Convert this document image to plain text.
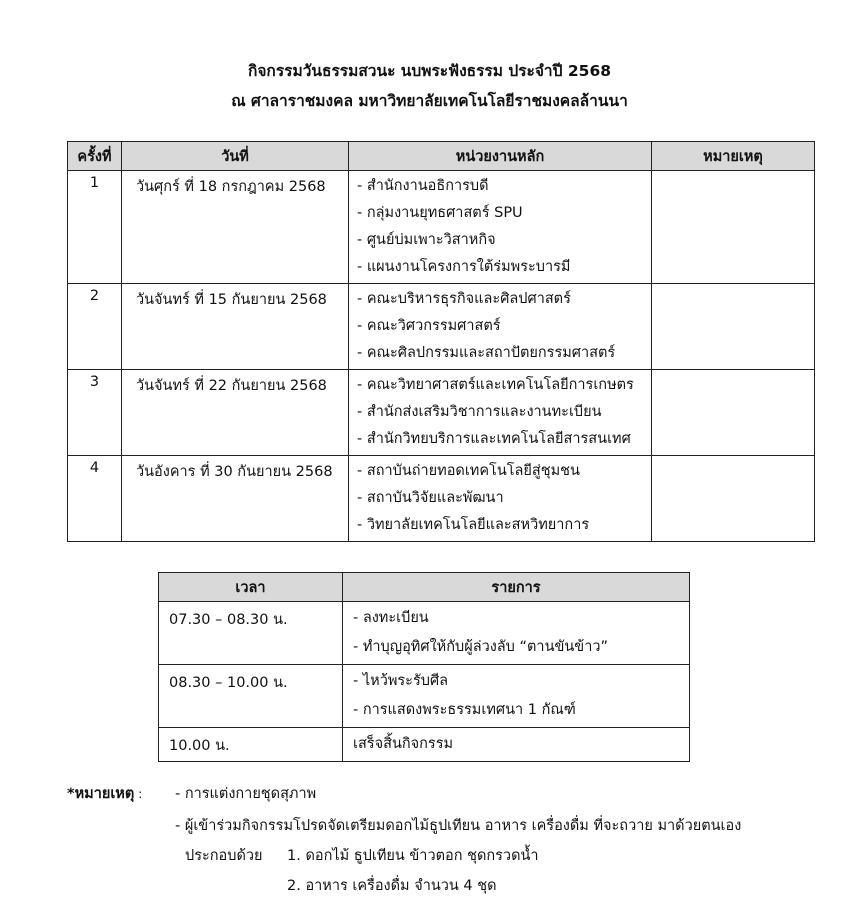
กิจกรรมวันธรรมสวนะ นบพระฟังธรรม ประจำปี 2568
ณ ศาลาราชมงคล มหาวิทยาลัยเทคโนโลยีราชมงคลล้านนา
ครั้งที่	วันที่	หน่วยงานหลัก	หมายเหตุ
1	วันศุกร์ ที่ 18 กรกฎาคม 2568	- สำนักงานอธิการบดี
- กลุ่มงานยุทธศาสตร์ SPU
- ศูนย์บ่มเพาะวิสาหกิจ
- แผนงานโครงการใต้ร่มพระบารมี	

2	วันจันทร์ ที่ 15 กันยายน 2568	- คณะบริหารธุรกิจและศิลปศาสตร์
- คณะวิศวกรรมศาสตร์
- คณะศิลปกรรมและสถาปัตยกรรมศาสตร์	

3	วันจันทร์ ที่ 22 กันยายน 2568	- คณะวิทยาศาสตร์และเทคโนโลยีการเกษตร
- สำนักส่งเสริมวิชาการและงานทะเบียน
- สำนักวิทยบริการและเทคโนโลยีสารสนเทศ	

4	วันอังคาร ที่ 30 กันยายน 2568	- สถาบันถ่ายทอดเทคโนโลยีสู่ชุมชน
- สถาบันวิจัยและพัฒนา
- วิทยาลัยเทคโนโลยีและสหวิทยาการ	

เวลา	รายการ
07.30 – 08.30 น.	- ลงทะเบียน
- ทำบุญอุทิศให้กับผู้ล่วงลับ “ตานขันข้าว”

08.30 – 10.00 น.	- ไหว้พระรับศีล
- การแสดงพระธรรมเทศนา 1 กัณฑ์

10.00 น.	เสร็จสิ้นกิจกรรม
*หมายเหตุ : - การแต่งกายชุดสุภาพ
- ผู้เข้าร่วมกิจกรรมโปรดจัดเตรียมดอกไม้ธูปเทียน อาหาร เครื่องดื่ม ที่จะถวาย มาด้วยตนเอง
ประกอบด้วย 1. ดอกไม้ ธูปเทียน ข้าวตอก ชุดกรวดน้ำ
2. อาหาร เครื่องดื่ม จำนวน 4 ชุด
